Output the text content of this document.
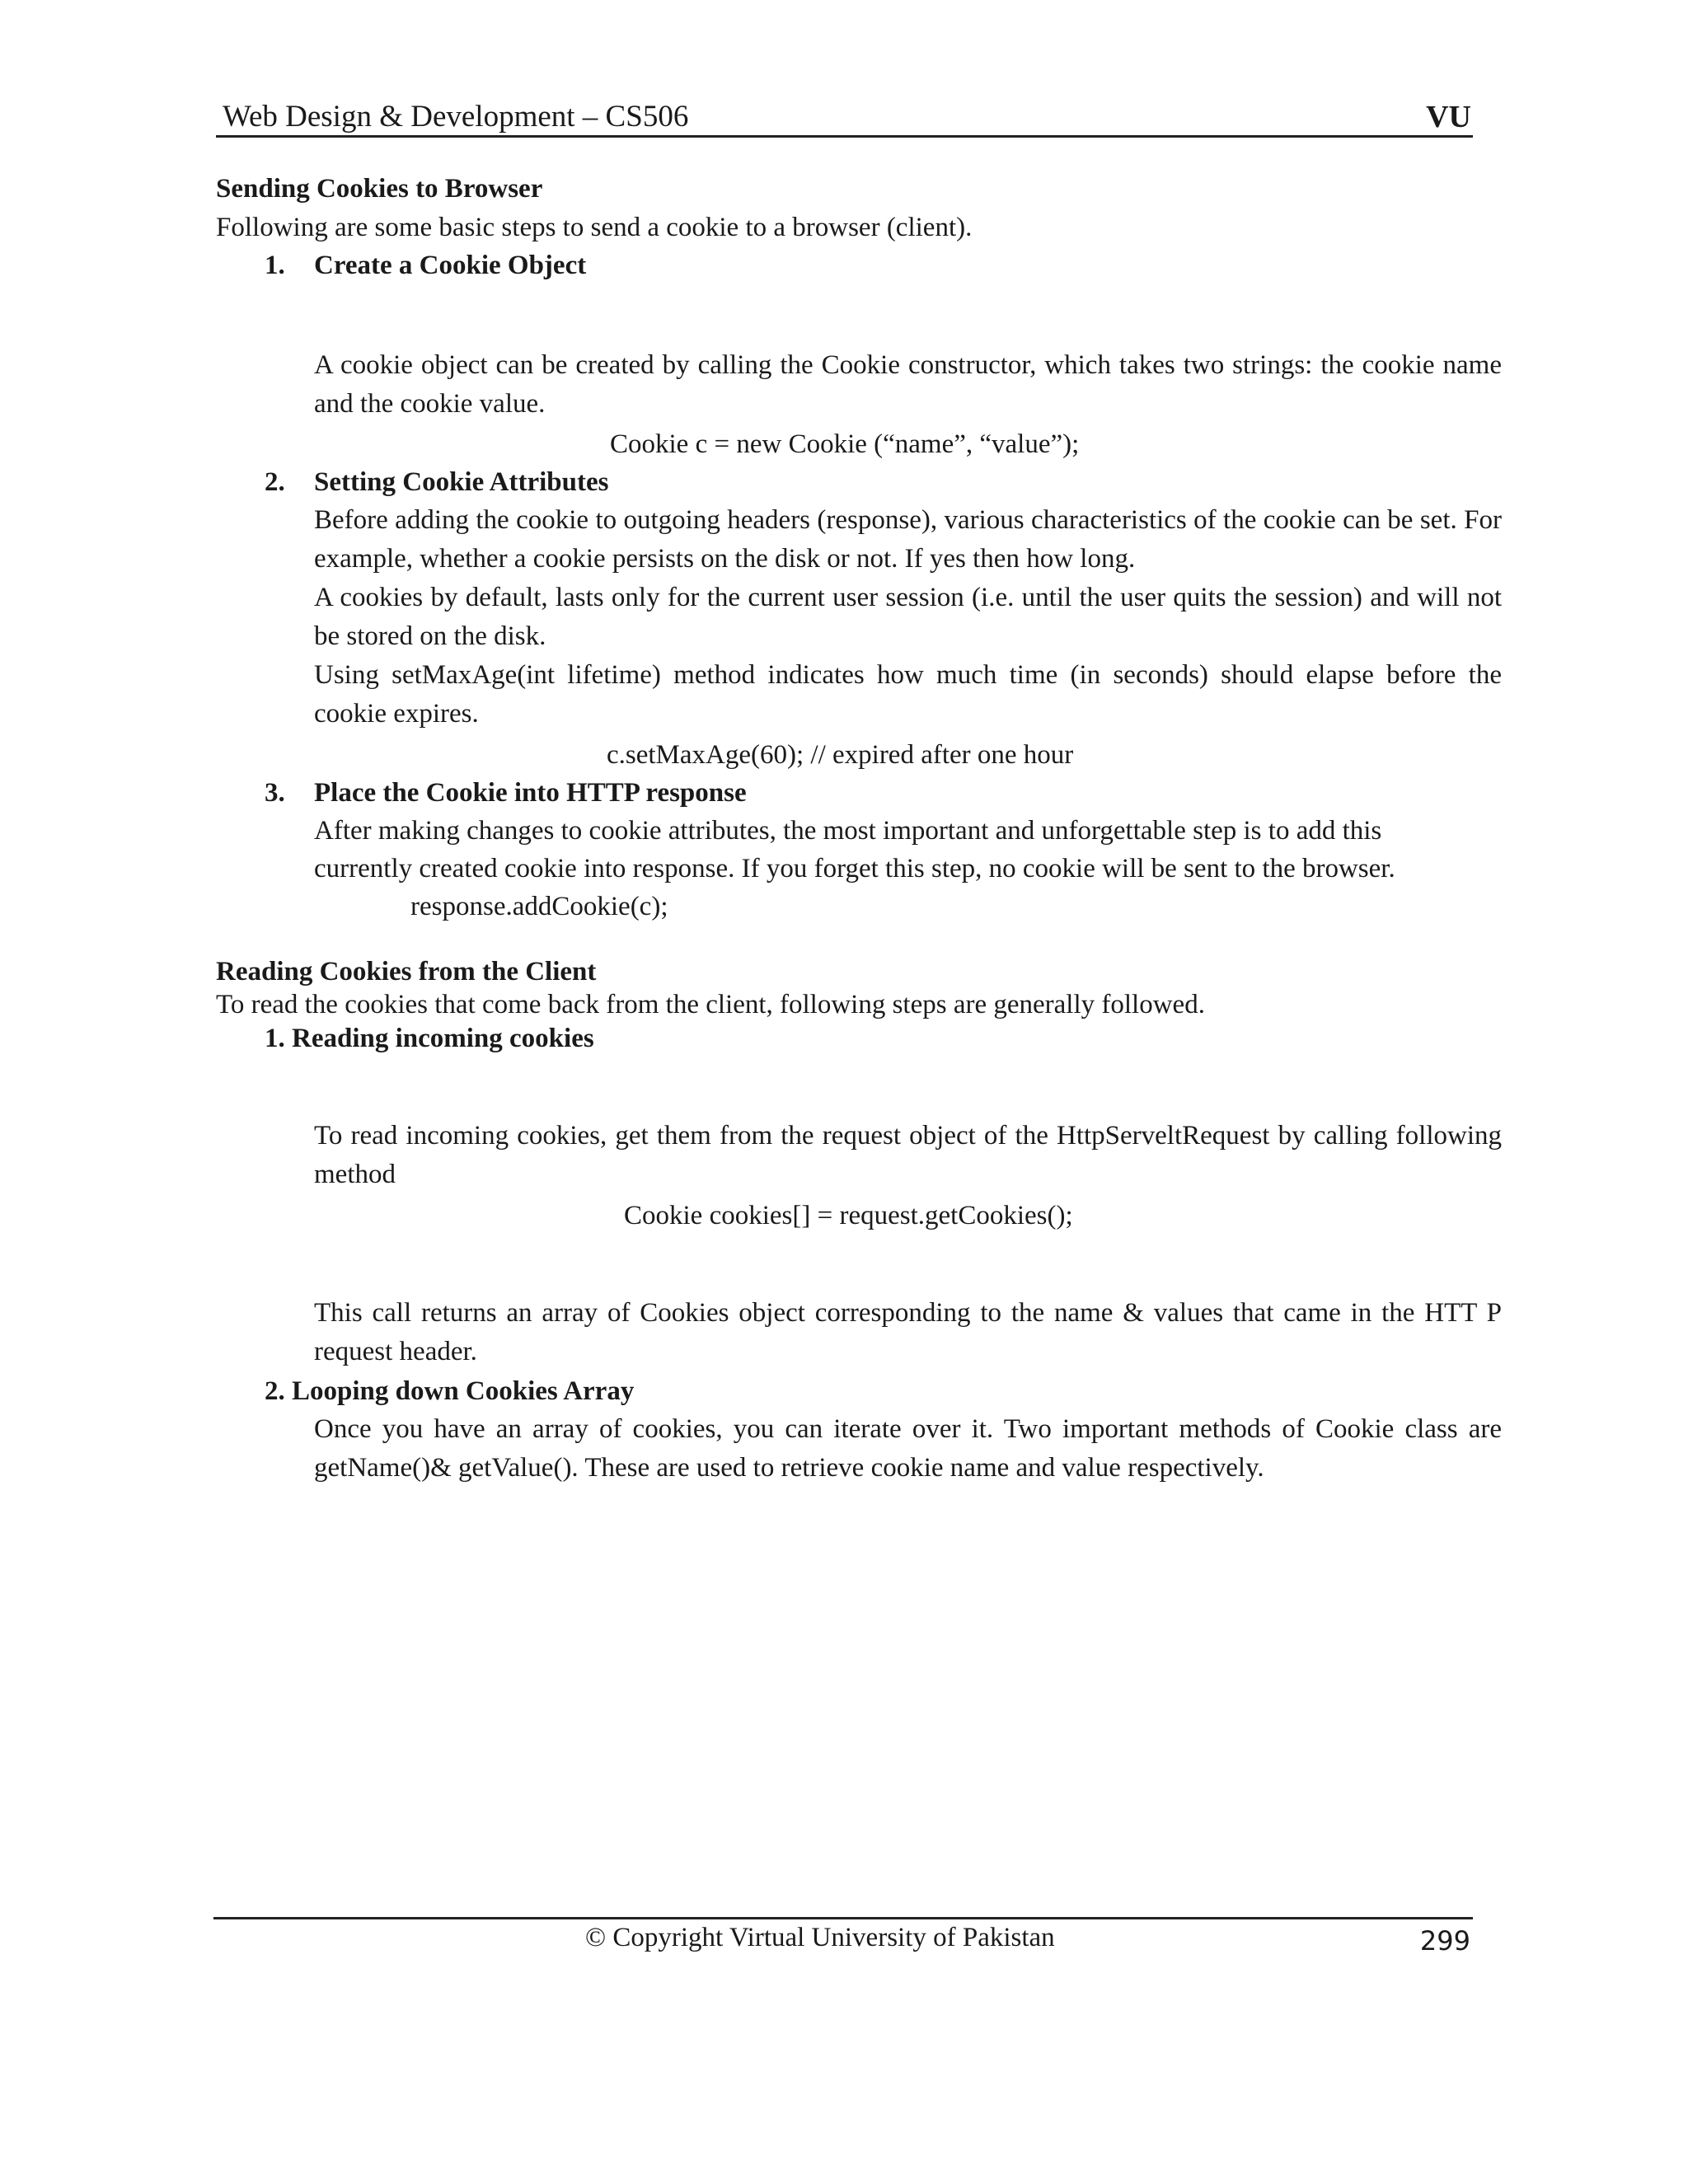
Web Design & Development – CS506	VU
Sending Cookies to Browser
Following are some basic steps to send a cookie to a browser (client).
1. Create a Cookie Object
A cookie object can be created by calling the Cookie constructor, which takes two strings: the cookie name and the cookie value.
Cookie c = new Cookie (“name”, “value”);
2. Setting Cookie Attributes
Before adding the cookie to outgoing headers (response), various characteristics of the cookie can be set. For example, whether a cookie persists on the disk or not. If yes then how long.
A cookies by default, lasts only for the current user session (i.e. until the user quits the session) and will not be stored on the disk.
Using setMaxAge(int lifetime) method indicates how much time (in seconds) should elapse before the cookie expires.
c.setMaxAge(60); // expired after one hour
3. Place the Cookie into HTTP response
After making changes to cookie attributes, the most important and unforgettable step is to add this
currently created cookie into response. If you forget this step, no cookie will be sent to the browser.
response.addCookie(c);
Reading Cookies from the Client
To read the cookies that come back from the client, following steps are generally followed.
1. Reading incoming cookies
To read incoming cookies, get them from the request object of the HttpServeltRequest by calling following method
Cookie cookies[] = request.getCookies();
This call returns an array of Cookies object corresponding to the name & values that came in the HTT P request header.
2. Looping down Cookies Array
Once you have an array of cookies, you can iterate over it. Two important methods of Cookie class are getName()& getValue(). These are used to retrieve cookie name and value respectively.
© Copyright Virtual University of Pakistan	299
